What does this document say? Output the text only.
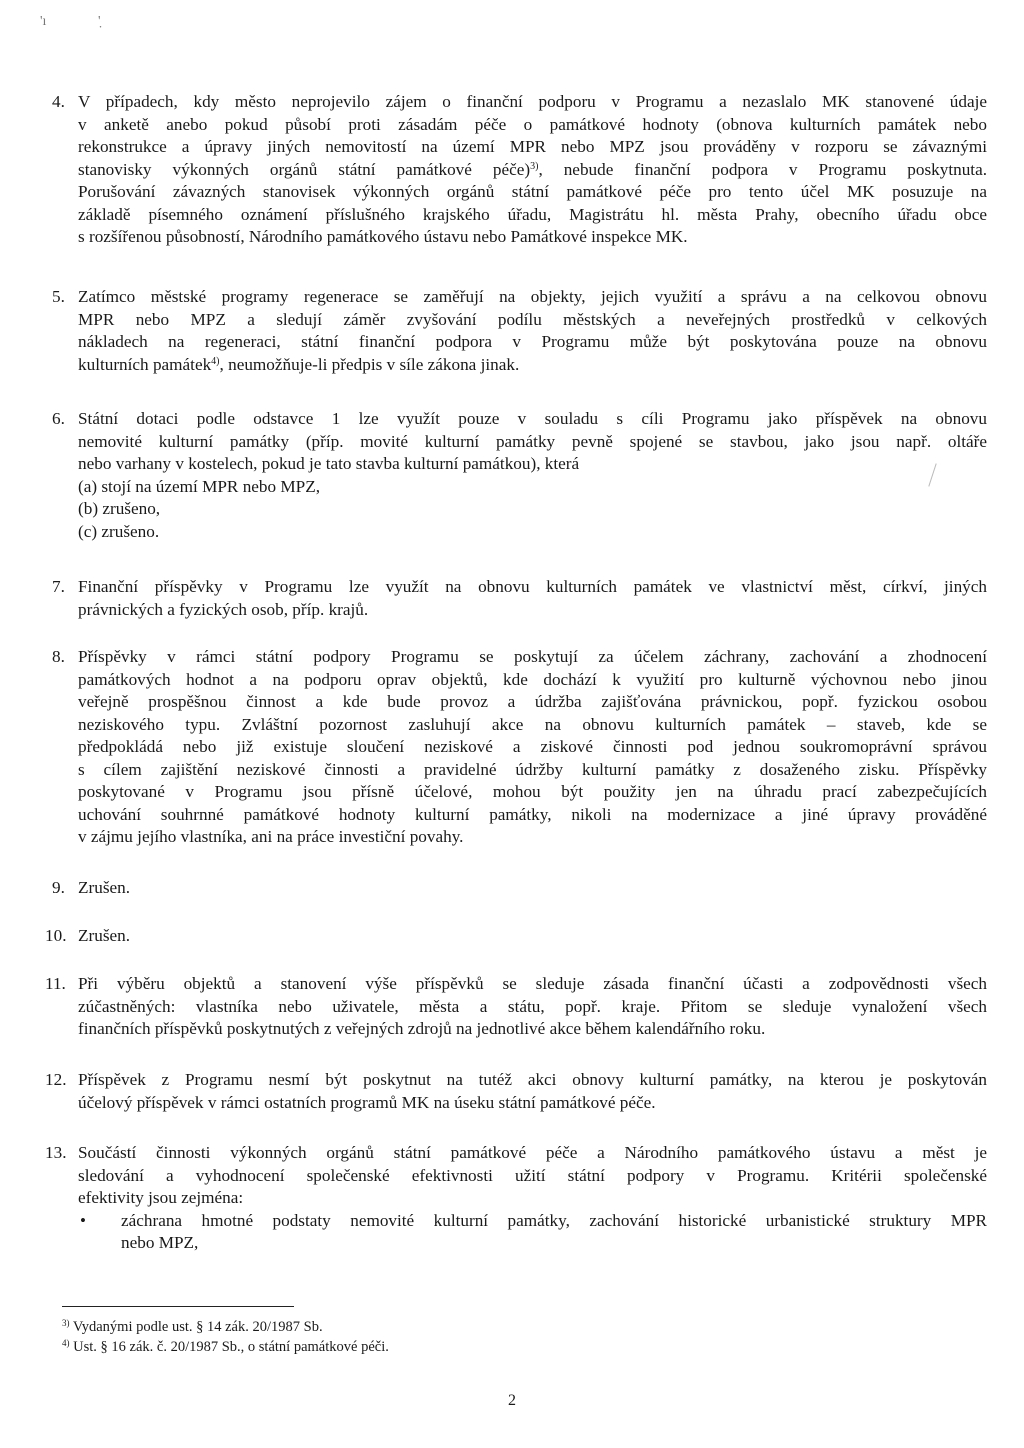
'ı	'̣
4. V případech, kdy město neprojevilo zájem o finanční podporu v Programu a nezaslalo MK stanovené údaje
v anketě anebo pokud působí proti zásadám péče o památkové hodnoty (obnova kulturních památek nebo
rekonstrukce a úpravy jiných nemovitostí na území MPR nebo MPZ jsou prováděny v rozporu se závaznými
stanovisky výkonných orgánů státní památkové péče)$^{3)}$, nebude finanční podpora v Programu poskytnuta.
Porušování závazných stanovisek výkonných orgánů státní památkové péče pro tento účel MK posuzuje na
základě písemného oznámení příslušného krajského úřadu, Magistrátu hl. města Prahy, obecního úřadu obce
s rozšířenou působností, Národního památkového ústavu nebo Památkové inspekce MK.
5. Zatímco městské programy regenerace se zaměřují na objekty, jejich využití a správu a na celkovou obnovu
MPR nebo MPZ a sledují záměr zvyšování podílu městských a neveřejných prostředků v celkových
nákladech na regeneraci, státní finanční podpora v Programu může být poskytována pouze na obnovu
kulturních památek$^{4)}$, neumožňuje-li předpis v síle zákona jinak.
6. Státní dotaci podle odstavce 1 lze využít pouze v souladu s cíli Programu jako příspěvek na obnovu
nemovité kulturní památky (příp. movité kulturní památky pevně spojené se stavbou, jako jsou např. oltáře
nebo varhany v kostelech, pokud je tato stavba kulturní památkou), která
(a) stojí na území MPR nebo MPZ,
(b) zrušeno,
(c) zrušeno.
7. Finanční příspěvky v Programu lze využít na obnovu kulturních památek ve vlastnictví měst, církví, jiných
právnických a fyzických osob, příp. krajů.
8. Příspěvky v rámci státní podpory Programu se poskytují za účelem záchrany, zachování a zhodnocení
památkových hodnot a na podporu oprav objektů, kde dochází k využití pro kulturně výchovnou nebo jinou
veřejně prospěšnou činnost a kde bude provoz a údržba zajišťována právnickou, popř. fyzickou osobou
neziskového typu. Zvláštní pozornost zasluhují akce na obnovu kulturních památek – staveb, kde se
předpokládá nebo již existuje sloučení neziskové a ziskové činnosti pod jednou soukromoprávní správou
s cílem zajištění neziskové činnosti a pravidelné údržby kulturní památky z dosaženého zisku. Příspěvky
poskytované v Programu jsou přísně účelové, mohou být použity jen na úhradu prací zabezpečujících
uchování souhrnné památkové hodnoty kulturní památky, nikoli na modernizace a jiné úpravy prováděné
v zájmu jejího vlastníka, ani na práce investiční povahy.
9. Zrušen.
10. Zrušen.
11. Při výběru objektů a stanovení výše příspěvků se sleduje zásada finanční účasti a zodpovědnosti všech
zúčastněných: vlastníka nebo uživatele, města a státu, popř. kraje. Přitom se sleduje vynaložení všech
finančních příspěvků poskytnutých z veřejných zdrojů na jednotlivé akce během kalendářního roku.
12. Příspěvek z Programu nesmí být poskytnut na tutéž akci obnovy kulturní památky, na kterou je poskytován
účelový příspěvek v rámci ostatních programů MK na úseku státní památkové péče.
13. Součástí činnosti výkonných orgánů státní památkové péče a Národního památkového ústavu a měst je
sledování a vyhodnocení společenské efektivnosti užití státní podpory v Programu. Kritérii společenské
efektivity jsou zejména:
• záchrana hmotné podstaty nemovité kulturní památky, zachování historické urbanistické struktury MPR
nebo MPZ,
$^{3)}$ Vydanými podle ust. § 14 zák. 20/1987 Sb.
$^{4)}$ Ust. § 16 zák. č. 20/1987 Sb., o státní památkové péči.
2
